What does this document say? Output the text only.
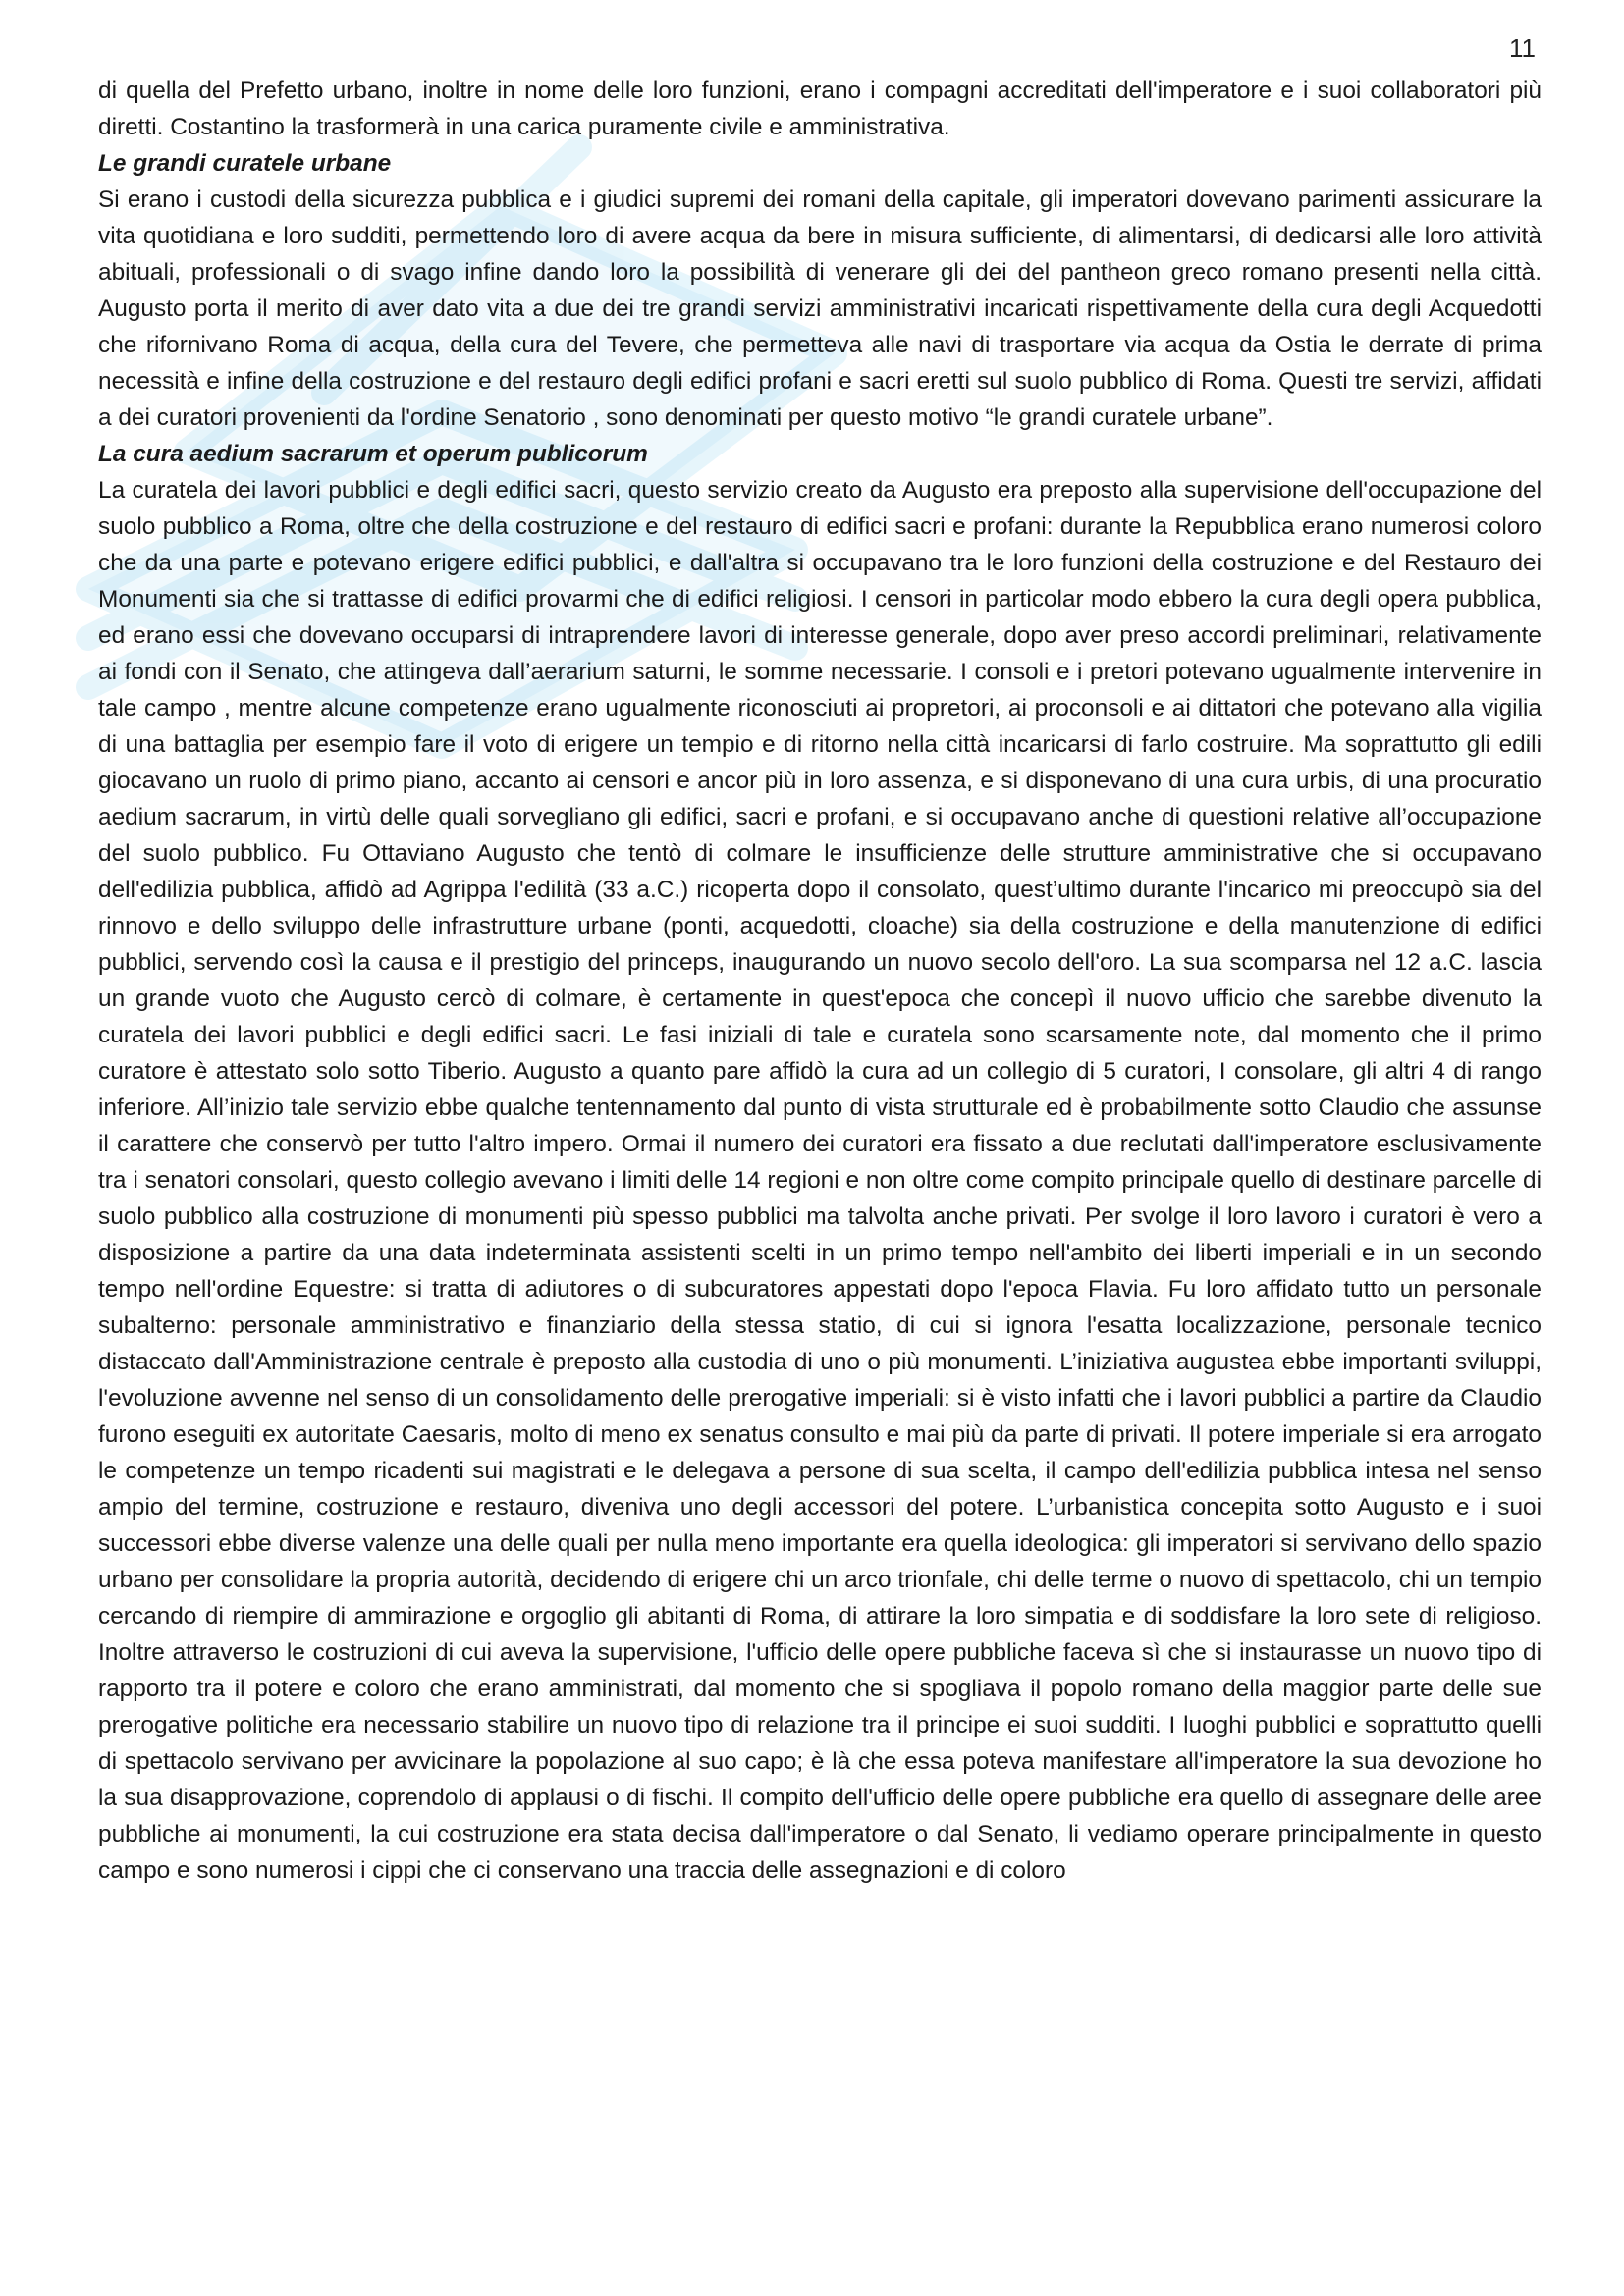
11

di quella del Prefetto urbano, inoltre in nome delle loro funzioni, erano i compagni accreditati dell'imperatore e i suoi collaboratori più diretti. Costantino la trasformerà in una carica puramente civile e amministrativa.

Le grandi curatele urbane

Si erano i custodi della sicurezza pubblica e i giudici supremi dei romani della capitale, gli imperatori dovevano parimenti assicurare la vita quotidiana e loro sudditi, permettendo loro di avere acqua da bere in misura sufficiente, di alimentarsi, di dedicarsi alle loro attività abituali, professionali o di svago infine dando loro la possibilità di venerare gli dei del pantheon greco romano presenti nella città. Augusto porta il merito di aver dato vita a due dei tre grandi servizi amministrativi incaricati rispettivamente della cura degli Acquedotti che rifornivano Roma di acqua, della cura del Tevere, che permetteva alle navi di trasportare via acqua da Ostia le derrate di prima necessità e infine della costruzione e del restauro degli edifici profani e sacri eretti sul suolo pubblico di Roma. Questi tre servizi, affidati a dei curatori provenienti da l'ordine Senatorio , sono denominati per questo motivo “le grandi curatele urbane”.

La cura aedium sacrarum et operum publicorum

La curatela dei lavori pubblici e degli edifici sacri, questo servizio creato da Augusto era preposto alla supervisione dell'occupazione del suolo pubblico a Roma, oltre che della costruzione e del restauro di edifici sacri e profani: durante la Repubblica erano numerosi coloro che da una parte e potevano erigere edifici pubblici, e dall'altra si occupavano tra le loro funzioni della costruzione e del Restauro dei Monumenti sia che si trattasse di edifici provarmi che di edifici religiosi. I censori in particolar modo ebbero la cura degli opera pubblica, ed erano essi che dovevano occuparsi di intraprendere lavori di interesse generale, dopo aver preso accordi preliminari, relativamente ai fondi con il Senato, che attingeva dall’aerarium saturni, le somme necessarie. I consoli e i pretori potevano ugualmente intervenire in tale campo , mentre alcune competenze erano ugualmente riconosciuti ai propretori, ai proconsoli e ai dittatori che potevano alla vigilia di una battaglia per esempio fare il voto di erigere un tempio e di ritorno nella città incaricarsi di farlo costruire. Ma soprattutto gli edili giocavano un ruolo di primo piano, accanto ai censori e ancor più in loro assenza, e si disponevano di una cura urbis, di una procuratio aedium sacrarum, in virtù delle quali sorvegliano gli edifici, sacri e profani, e si occupavano anche di questioni relative all’occupazione del suolo pubblico. Fu Ottaviano Augusto che tentò di colmare le insufficienze delle strutture amministrative che si occupavano dell'edilizia pubblica, affidò ad Agrippa l'edilità (33 a.C.) ricoperta dopo il consolato, quest’ultimo durante l'incarico mi preoccupò sia del rinnovo e dello sviluppo delle infrastrutture urbane (ponti, acquedotti, cloache) sia della costruzione e della manutenzione di edifici pubblici, servendo così la causa e il prestigio del princeps, inaugurando un nuovo secolo dell'oro. La sua scomparsa nel 12 a.C. lascia un grande vuoto che Augusto cercò di colmare, è certamente in quest'epoca che concepì il nuovo ufficio che sarebbe divenuto la curatela dei lavori pubblici e degli edifici sacri. Le fasi iniziali di tale e curatela sono scarsamente note, dal momento che il primo curatore è attestato solo sotto Tiberio. Augusto a quanto pare affidò la cura ad un collegio di 5 curatori, I consolare, gli altri 4 di rango inferiore. All’inizio tale servizio ebbe qualche tentennamento dal punto di vista strutturale ed è probabilmente sotto Claudio che assunse il carattere che conservò per tutto l'altro impero. Ormai il numero dei curatori era fissato a due reclutati dall'imperatore esclusivamente tra i senatori consolari, questo collegio avevano i limiti delle 14 regioni e non oltre come compito principale quello di destinare parcelle di suolo pubblico alla costruzione di monumenti più spesso pubblici ma talvolta anche privati. Per svolge il loro lavoro i curatori è vero a disposizione a partire da una data indeterminata assistenti scelti in un primo tempo nell'ambito dei liberti imperiali e in un secondo tempo nell'ordine Equestre: si tratta di adiutores o di subcuratores appestati dopo l'epoca Flavia. Fu loro affidato tutto un personale subalterno: personale amministrativo e finanziario della stessa statio, di cui si ignora l'esatta localizzazione, personale tecnico distaccato dall'Amministrazione centrale è preposto alla custodia di uno o più monumenti. L’iniziativa augustea ebbe importanti sviluppi, l'evoluzione avvenne nel senso di un consolidamento delle prerogative imperiali: si è visto infatti che i lavori pubblici a partire da Claudio furono eseguiti ex autoritate Caesaris, molto di meno ex senatus consulto e mai più da parte di privati. Il potere imperiale si era arrogato le competenze un tempo ricadenti sui magistrati e le delegava a persone di sua scelta, il campo dell'edilizia pubblica intesa nel senso ampio del termine, costruzione e restauro, diveniva uno degli accessori del potere. L’urbanistica concepita sotto Augusto e i suoi successori ebbe diverse valenze una delle quali per nulla meno importante era quella ideologica: gli imperatori si servivano dello spazio urbano per consolidare la propria autorità, decidendo di erigere chi un arco trionfale, chi delle terme o nuovo di spettacolo, chi un tempio cercando di riempire di ammirazione e orgoglio gli abitanti di Roma, di attirare la loro simpatia e di soddisfare la loro sete di religioso. Inoltre attraverso le costruzioni di cui aveva la supervisione, l'ufficio delle opere pubbliche faceva sì che si instaurasse un nuovo tipo di rapporto tra il potere e coloro che erano amministrati, dal momento che si spogliava il popolo romano della maggior parte delle sue prerogative politiche era necessario stabilire un nuovo tipo di relazione tra il principe ei suoi sudditi. I luoghi pubblici e soprattutto quelli di spettacolo servivano per avvicinare la popolazione al suo capo; è là che essa poteva manifestare all'imperatore la sua devozione ho la sua disapprovazione, coprendolo di applausi o di fischi. Il compito dell'ufficio delle opere pubbliche era quello di assegnare delle aree pubbliche ai monumenti, la cui costruzione era stata decisa dall'imperatore o dal Senato, li vediamo operare principalmente in questo campo e sono numerosi i cippi che ci conservano una traccia delle assegnazioni e di coloro
